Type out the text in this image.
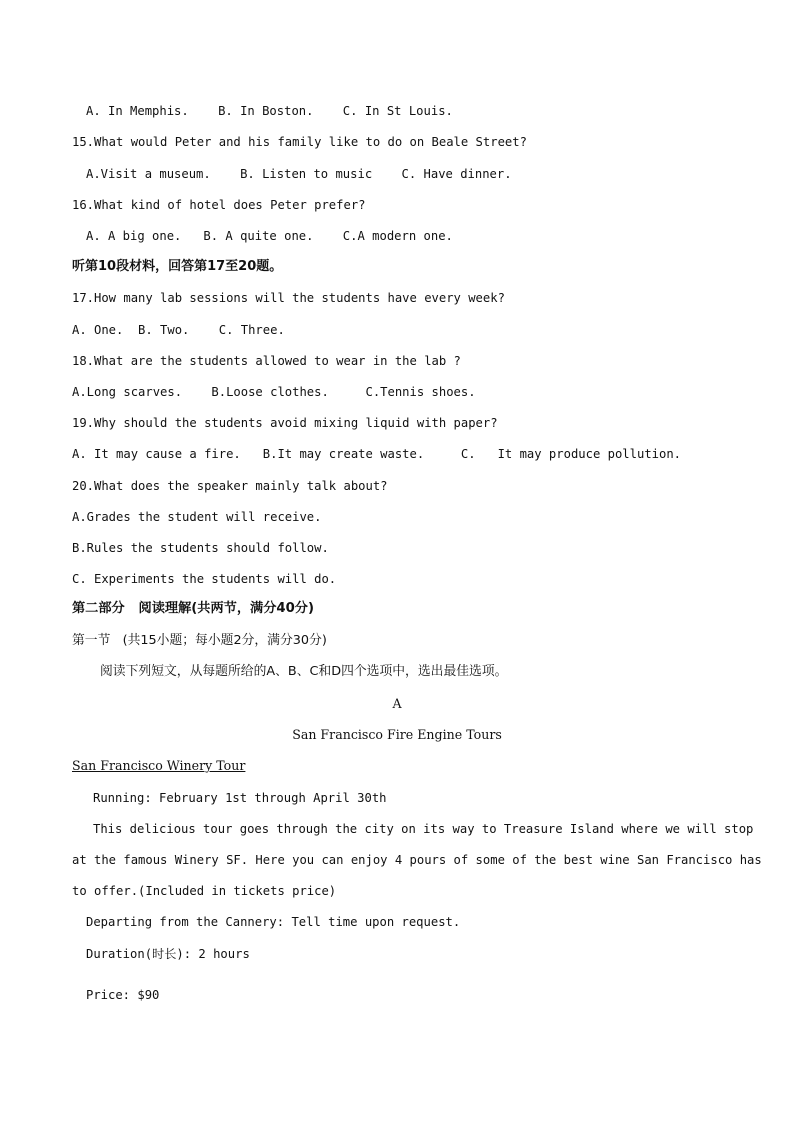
A. In Memphis.    B. In Boston.    C. In St Louis.
15.What would Peter and his family like to do on Beale Street?
A.Visit a museum.    B. Listen to music    C. Have dinner.
16.What kind of hotel does Peter prefer?
A. A big one.   B. A quite one.    C.A modern one.
听第10段材料，回答第17至20题。
17.How many lab sessions will the students have every week?
A. One.  B. Two.    C. Three.
18.What are the students allowed to wear in the lab ?
A.Long scarves.    B.Loose clothes.     C.Tennis shoes.
19.Why should the students avoid mixing liquid with paper?
A. It may cause a fire.   B.It may create waste.     C.   It may produce pollution.
20.What does the speaker mainly talk about?
A.Grades the student will receive.
B.Rules the students should follow.
C. Experiments the students will do.
第二部分   阅读理解(共两节，满分40分)
第一节   (共15小题；每小题2分，满分30分)
阅读下列短文，从每题所给的A、B、C和D四个选项中，选出最佳选项。
A
San Francisco Fire Engine Tours
San Francisco Winery Tour
Running: February 1st through April 30th
This delicious tour goes through the city on its way to Treasure Island where we will stop
at the famous Winery SF. Here you can enjoy 4 pours of some of the best wine San Francisco has
to offer.(Included in tickets price)
Departing from the Cannery: Tell time upon request.
Duration(时长): 2 hours
Price: $90
